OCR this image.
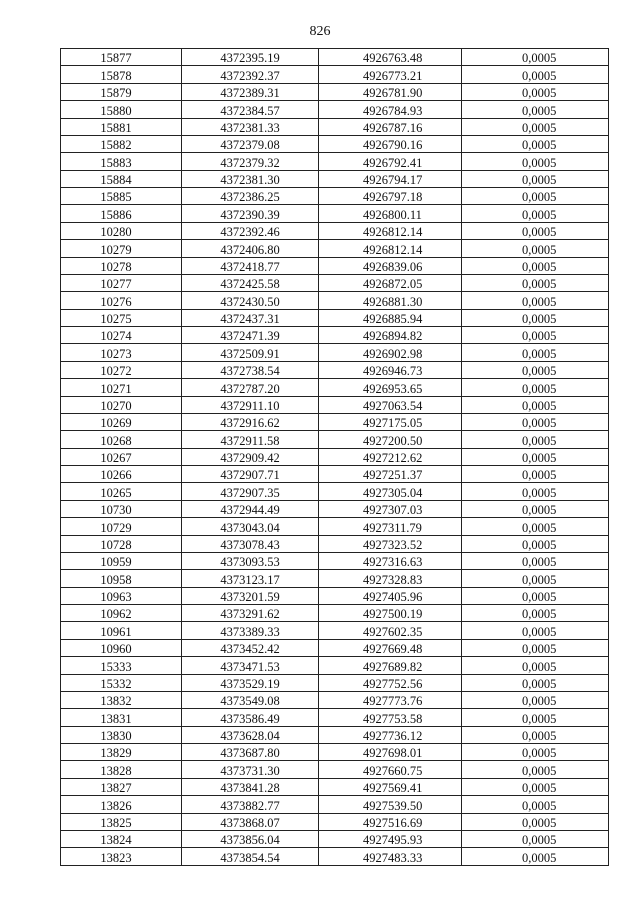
826
15877	4372395.19	4926763.48	0,0005
15878	4372392.37	4926773.21	0,0005
15879	4372389.31	4926781.90	0,0005
15880	4372384.57	4926784.93	0,0005
15881	4372381.33	4926787.16	0,0005
15882	4372379.08	4926790.16	0,0005
15883	4372379.32	4926792.41	0,0005
15884	4372381.30	4926794.17	0,0005
15885	4372386.25	4926797.18	0,0005
15886	4372390.39	4926800.11	0,0005
10280	4372392.46	4926812.14	0,0005
10279	4372406.80	4926812.14	0,0005
10278	4372418.77	4926839.06	0,0005
10277	4372425.58	4926872.05	0,0005
10276	4372430.50	4926881.30	0,0005
10275	4372437.31	4926885.94	0,0005
10274	4372471.39	4926894.82	0,0005
10273	4372509.91	4926902.98	0,0005
10272	4372738.54	4926946.73	0,0005
10271	4372787.20	4926953.65	0,0005
10270	4372911.10	4927063.54	0,0005
10269	4372916.62	4927175.05	0,0005
10268	4372911.58	4927200.50	0,0005
10267	4372909.42	4927212.62	0,0005
10266	4372907.71	4927251.37	0,0005
10265	4372907.35	4927305.04	0,0005
10730	4372944.49	4927307.03	0,0005
10729	4373043.04	4927311.79	0,0005
10728	4373078.43	4927323.52	0,0005
10959	4373093.53	4927316.63	0,0005
10958	4373123.17	4927328.83	0,0005
10963	4373201.59	4927405.96	0,0005
10962	4373291.62	4927500.19	0,0005
10961	4373389.33	4927602.35	0,0005
10960	4373452.42	4927669.48	0,0005
15333	4373471.53	4927689.82	0,0005
15332	4373529.19	4927752.56	0,0005
13832	4373549.08	4927773.76	0,0005
13831	4373586.49	4927753.58	0,0005
13830	4373628.04	4927736.12	0,0005
13829	4373687.80	4927698.01	0,0005
13828	4373731.30	4927660.75	0,0005
13827	4373841.28	4927569.41	0,0005
13826	4373882.77	4927539.50	0,0005
13825	4373868.07	4927516.69	0,0005
13824	4373856.04	4927495.93	0,0005
13823	4373854.54	4927483.33	0,0005
